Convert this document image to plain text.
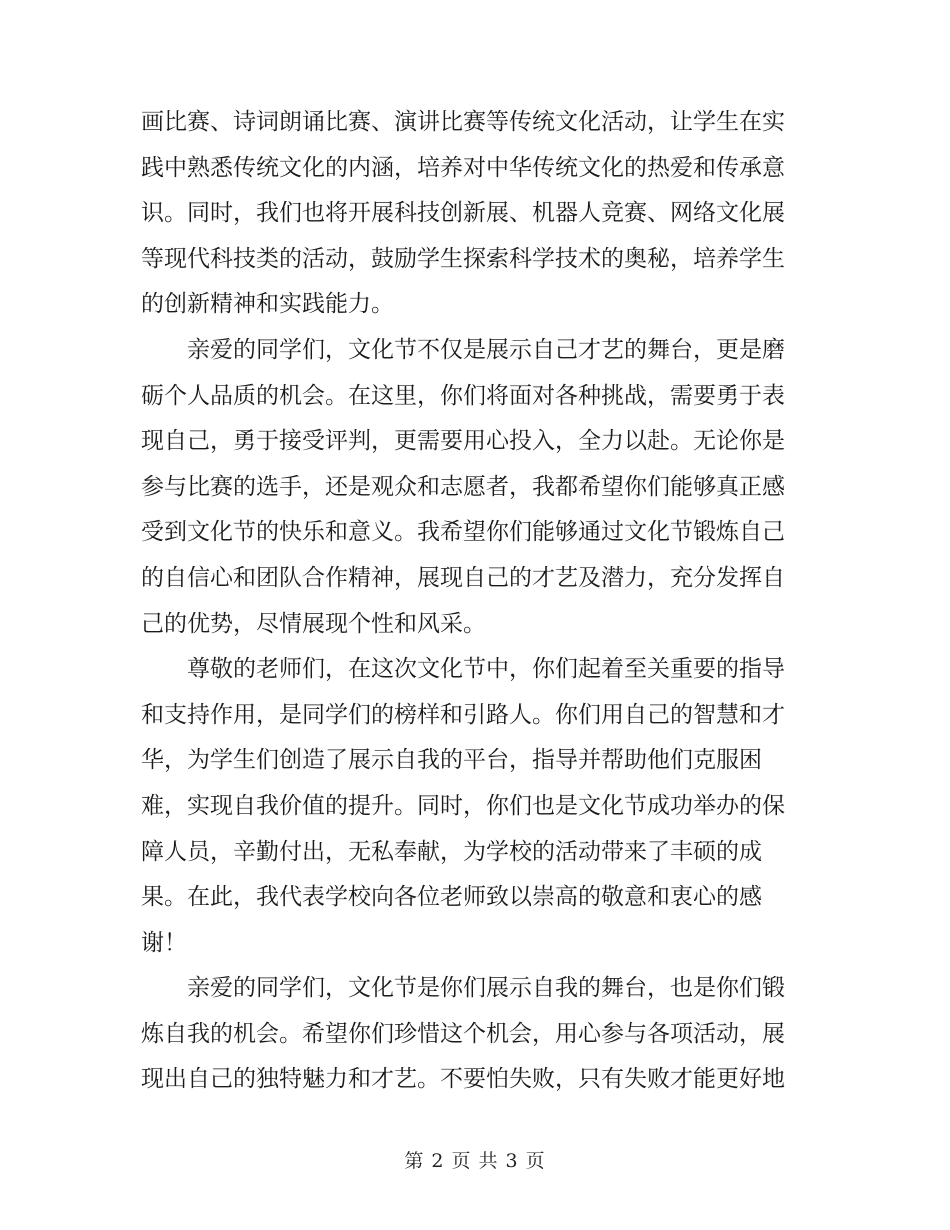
画比赛、诗词朗诵比赛、演讲比赛等传统文化活动，让学生在实
践中熟悉传统文化的内涵，培养对中华传统文化的热爱和传承意
识。同时，我们也将开展科技创新展、机器人竞赛、网络文化展
等现代科技类的活动，鼓励学生探索科学技术的奥秘，培养学生
的创新精神和实践能力。
亲爱的同学们，文化节不仅是展示自己才艺的舞台，更是磨
砺个人品质的机会。在这里，你们将面对各种挑战，需要勇于表
现自己，勇于接受评判，更需要用心投入，全力以赴。无论你是
参与比赛的选手，还是观众和志愿者，我都希望你们能够真正感
受到文化节的快乐和意义。我希望你们能够通过文化节锻炼自己
的自信心和团队合作精神，展现自己的才艺及潜力，充分发挥自
己的优势，尽情展现个性和风采。
尊敬的老师们，在这次文化节中，你们起着至关重要的指导
和支持作用，是同学们的榜样和引路人。你们用自己的智慧和才
华，为学生们创造了展示自我的平台，指导并帮助他们克服困
难，实现自我价值的提升。同时，你们也是文化节成功举办的保
障人员，辛勤付出，无私奉献，为学校的活动带来了丰硕的成
果。在此，我代表学校向各位老师致以崇高的敬意和衷心的感
谢！
亲爱的同学们，文化节是你们展示自我的舞台，也是你们锻
炼自我的机会。希望你们珍惜这个机会，用心参与各项活动，展
现出自己的独特魅力和才艺。不要怕失败，只有失败才能更好地
第 2 页 共 3 页
